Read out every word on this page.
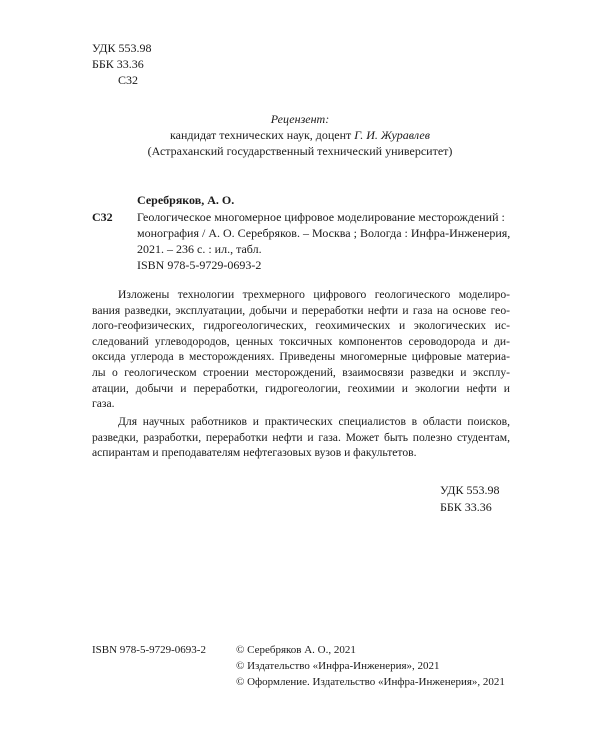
УДК 553.98
ББК 33.36
С32
Рецензент:
кандидат технических наук, доцент Г. И. Журавлев
(Астраханский государственный технический университет)
Серебряков, А. О.
С32 Геологическое многомерное цифровое моделирование месторождений :
монография / А. О. Серебряков. – Москва ; Вологда : Инфра-Инженерия,
2021. – 236 с. : ил., табл.
ISBN 978-5-9729-0693-2
Изложены технологии трехмерного цифрового геологического моделиро-
вания разведки, эксплуатации, добычи и переработки нефти и газа на основе гео-
лого-геофизических, гидрогеологических, геохимических и экологических ис-
следований углеводородов, ценных токсичных компонентов сероводорода и ди-
оксида углерода в месторождениях. Приведены многомерные цифровые материа-
лы о геологическом строении месторождений, взаимосвязи разведки и эксплу-
атации, добычи и переработки, гидрогеологии, геохимии и экологии нефти и
газа.
Для научных работников и практических специалистов в области поисков,
разведки, разработки, переработки нефти и газа. Может быть полезно студентам,
аспирантам и преподавателям нефтегазовых вузов и факультетов.
УДК 553.98
ББК 33.36
ISBN 978-5-9729-0693-2	© Серебряков А. О., 2021
© Издательство «Инфра-Инженерия», 2021
© Оформление. Издательство «Инфра-Инженерия», 2021
